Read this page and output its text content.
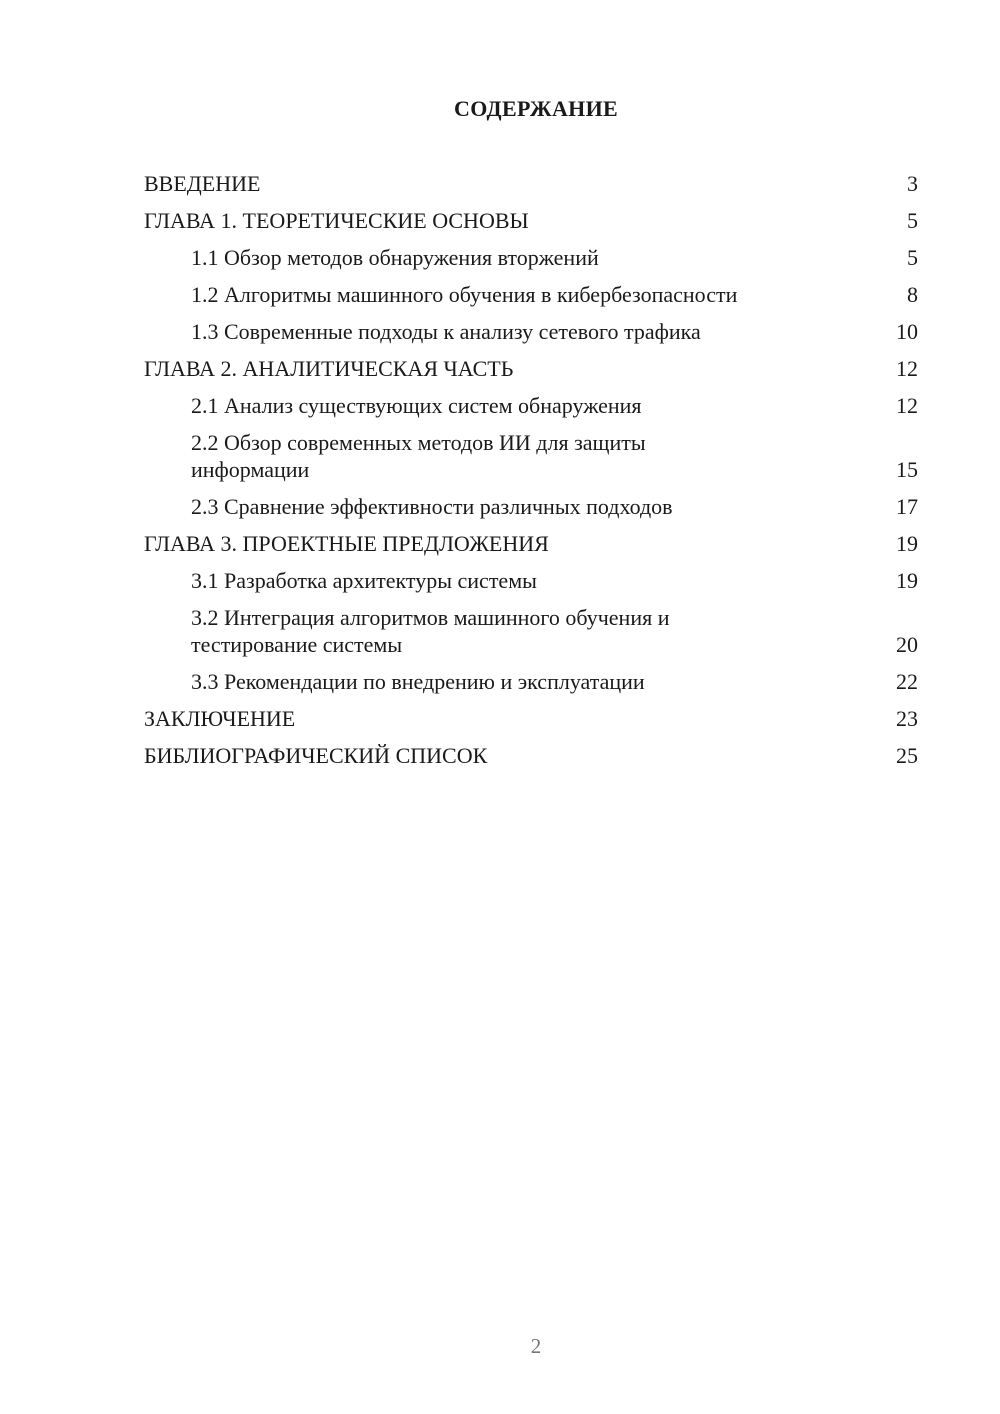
СОДЕРЖАНИЕ
ВВЕДЕНИЕ	3
ГЛАВА 1. ТЕОРЕТИЧЕСКИЕ ОСНОВЫ	5
1.1 Обзор методов обнаружения вторжений	5
1.2 Алгоритмы машинного обучения в кибербезопасности	8
1.3 Современные подходы к анализу сетевого трафика	10
ГЛАВА 2. АНАЛИТИЧЕСКАЯ ЧАСТЬ	12
2.1 Анализ существующих систем обнаружения	12
2.2 Обзор современных методов ИИ для защиты
информации	15
2.3 Сравнение эффективности различных подходов	17
ГЛАВА 3. ПРОЕКТНЫЕ ПРЕДЛОЖЕНИЯ	19
3.1 Разработка архитектуры системы	19
3.2 Интеграция алгоритмов машинного обучения и
тестирование системы	20
3.3 Рекомендации по внедрению и эксплуатации	22
ЗАКЛЮЧЕНИЕ	23
БИБЛИОГРАФИЧЕСКИЙ СПИСОК	25
2
